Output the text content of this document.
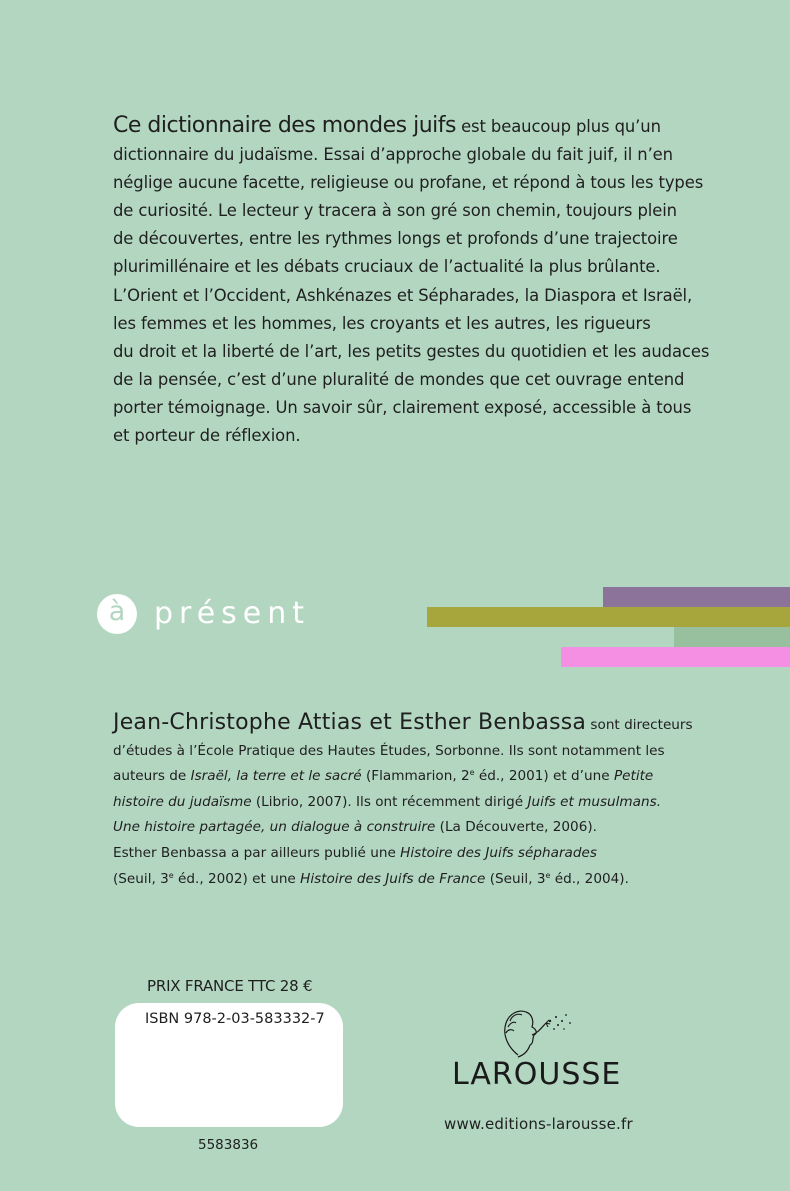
Ce dictionnaire des mondes juifs est beaucoup plus qu’un
dictionnaire du judaïsme. Essai d’approche globale du fait juif, il n’en
néglige aucune facette, religieuse ou profane, et répond à tous les types
de curiosité. Le lecteur y tracera à son gré son chemin, toujours plein
de découvertes, entre les rythmes longs et profonds d’une trajectoire
plurimillénaire et les débats cruciaux de l’actualité la plus brûlante.
L’Orient et l’Occident, Ashkénazes et Sépharades, la Diaspora et Israël,
les femmes et les hommes, les croyants et les autres, les rigueurs
du droit et la liberté de l’art, les petits gestes du quotidien et les audaces
de la pensée, c’est d’une pluralité de mondes que cet ouvrage entend
porter témoignage. Un savoir sûr, clairement exposé, accessible à tous
et porteur de réflexion.
à présent
Jean-Christophe Attias et Esther Benbassa sont directeurs
d’études à l’École Pratique des Hautes Études, Sorbonne. Ils sont notamment les
auteurs de Israël, la terre et le sacré (Flammarion, 2e éd., 2001) et d’une Petite
histoire du judaïsme (Librio, 2007). Ils ont récemment dirigé Juifs et musulmans.
Une histoire partagée, un dialogue à construire (La Découverte, 2006).
Esther Benbassa a par ailleurs publié une Histoire des Juifs sépharades
(Seuil, 3e éd., 2002) et une Histoire des Juifs de France (Seuil, 3e éd., 2004).
PRIX FRANCE TTC 28 €
ISBN 978-2-03-583332-7
5583836
LAROUSSE
www.editions-larousse.fr
